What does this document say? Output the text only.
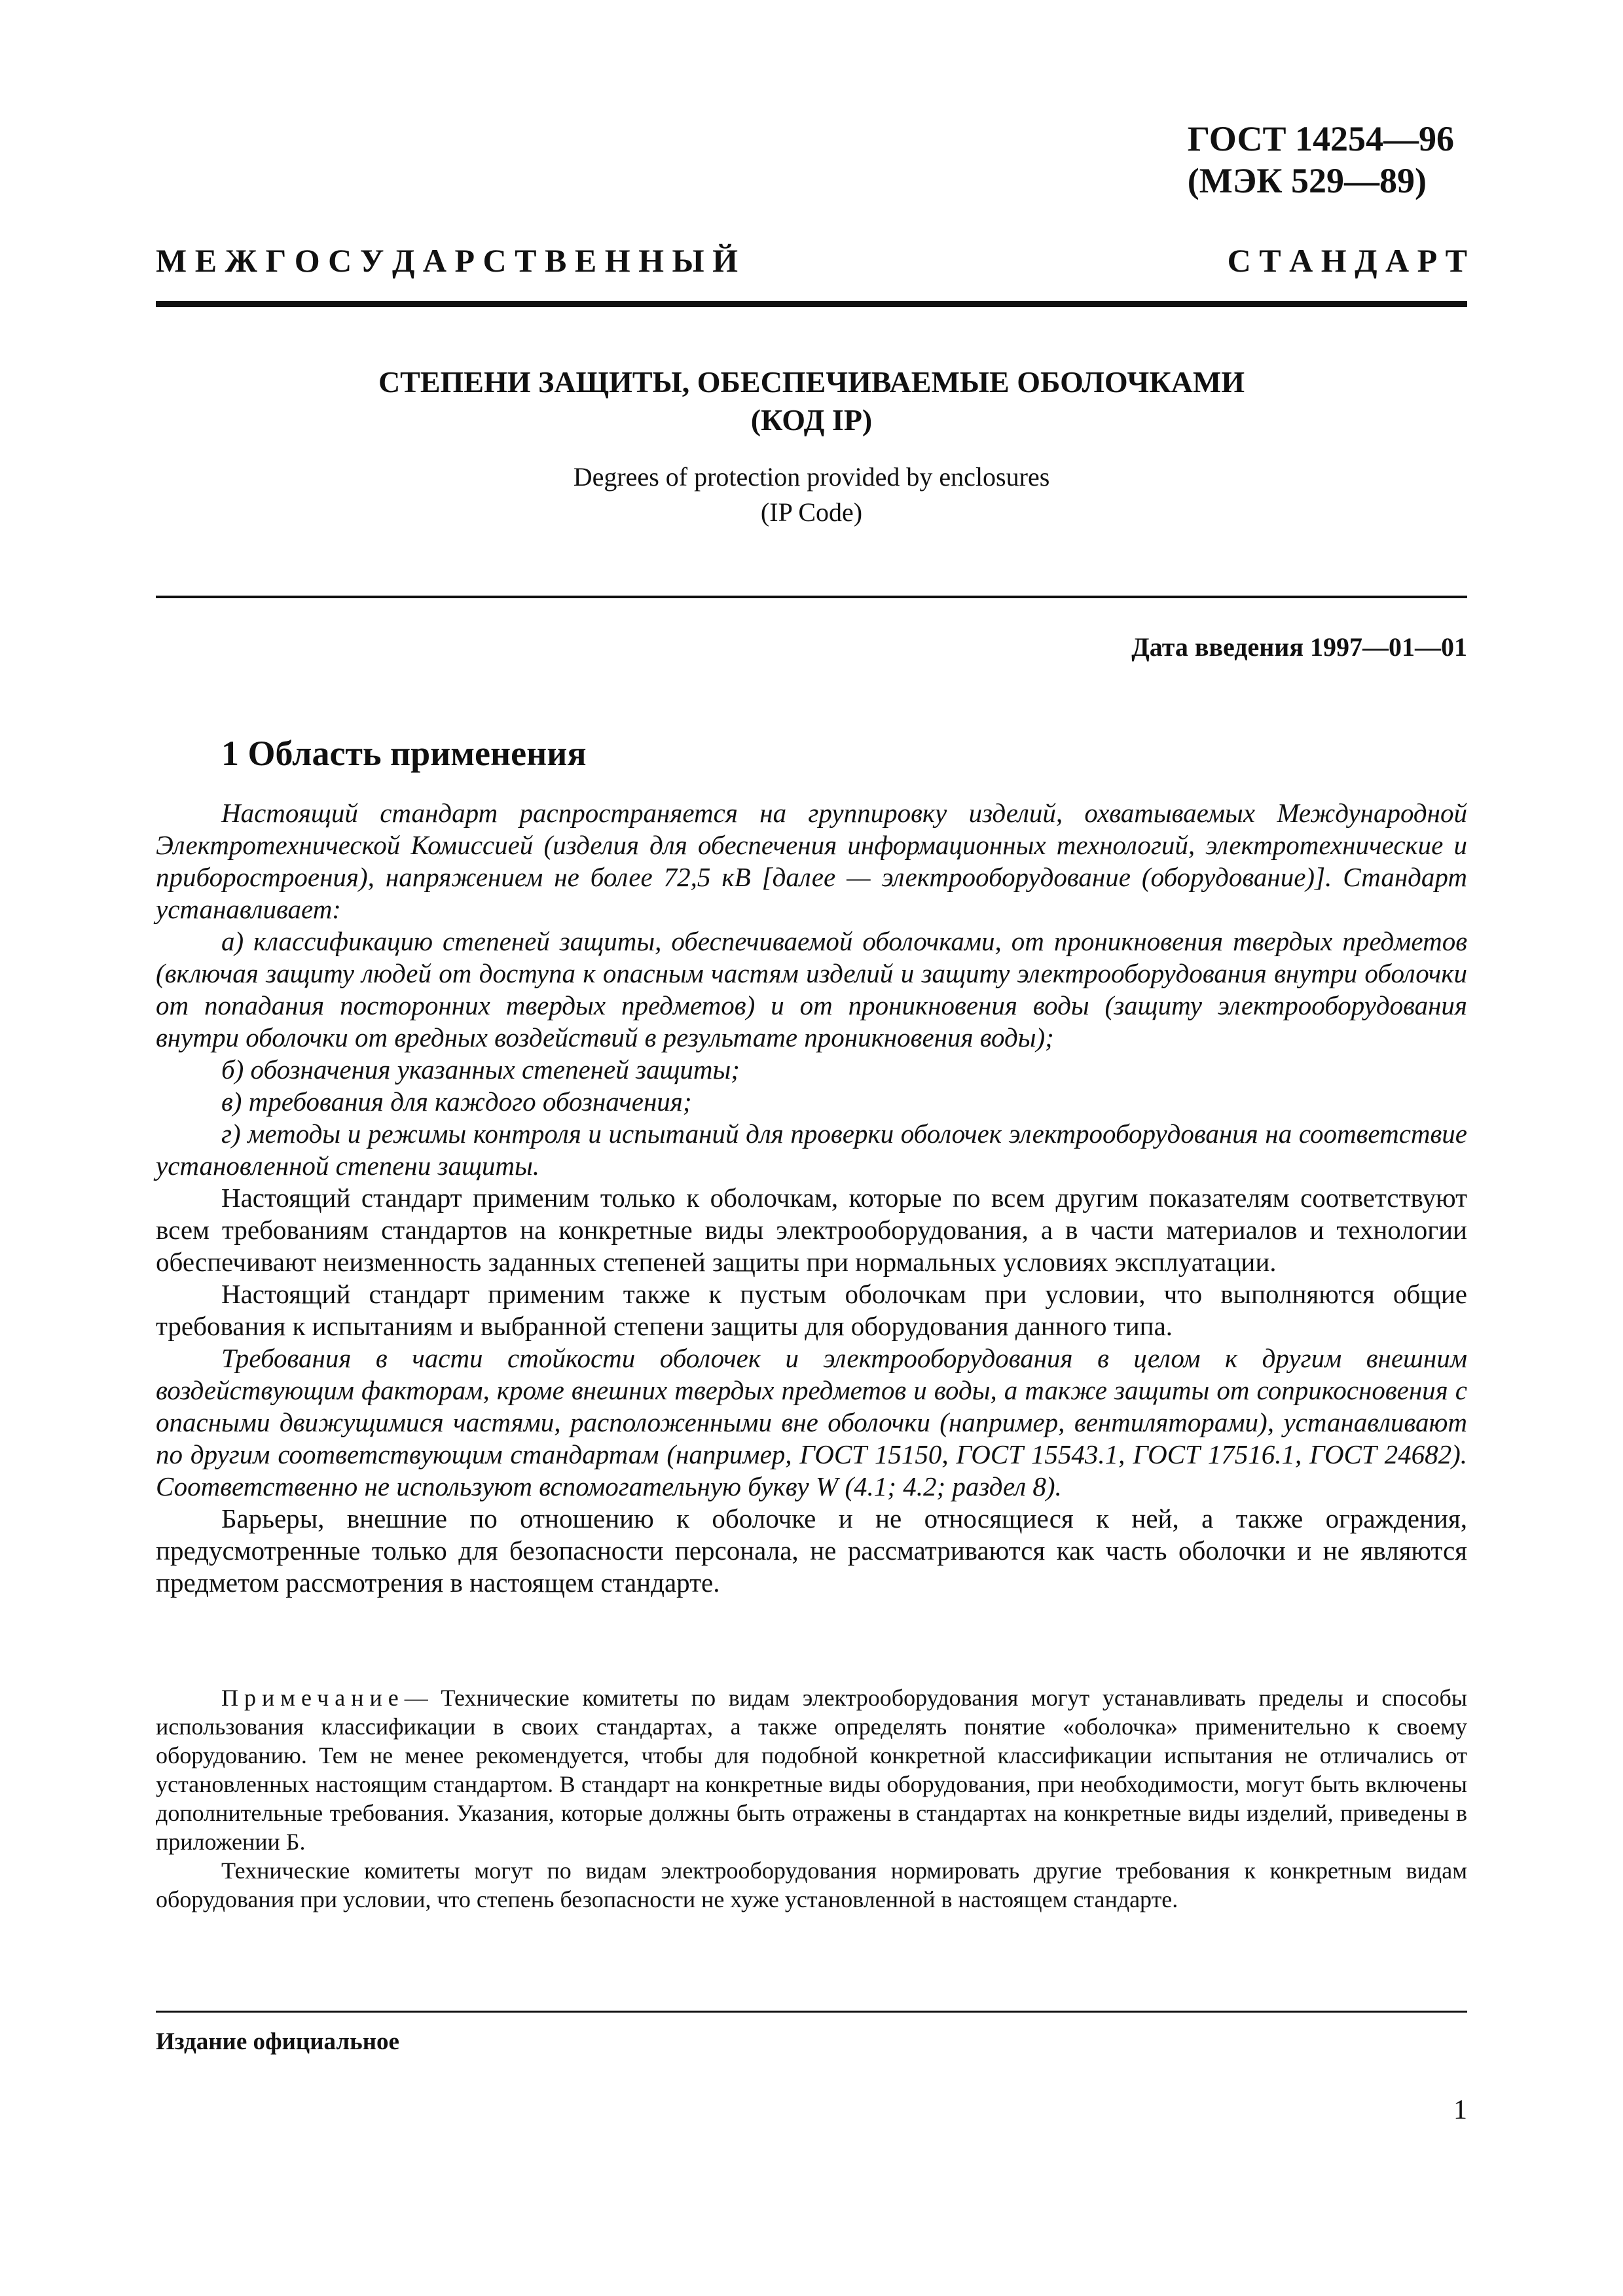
ГОСТ 14254—96
(МЭК 529—89)
М Е Ж Г О С У Д А Р С Т В Е Н Н Ы Й	С Т А Н Д А Р Т
СТЕПЕНИ ЗАЩИТЫ, ОБЕСПЕЧИВАЕМЫЕ ОБОЛОЧКАМИ
(КОД IP)
Degrees of protection provided by enclosures
(IP Code)
Дата введения 1997—01—01
1 Область применения

Настоящий стандарт распространяется на группировку изделий, охватываемых Международной Электротехнической Комиссией (изделия для обеспечения информационных технологий, электротехнические и приборостроения), напряжением не более 72,5 кВ [далее — электрооборудование (оборудование)]. Стандарт устанавливает:

а) классификацию степеней защиты, обеспечиваемой оболочками, от проникновения твердых предметов (включая защиту людей от доступа к опасным частям изделий и защиту электрооборудования внутри оболочки от попадания посторонних твердых предметов) и от проникновения воды (защиту электрооборудования внутри оболочки от вредных воздействий в результате проникновения воды);

б) обозначения указанных степеней защиты;

в) требования для каждого обозначения;

г) методы и режимы контроля и испытаний для проверки оболочек электрооборудования на соответствие установленной степени защиты.

Настоящий стандарт применим только к оболочкам, которые по всем другим показателям соответствуют всем требованиям стандартов на конкретные виды электрооборудования, а в части материалов и технологии обеспечивают неизменность заданных степеней защиты при нормальных условиях эксплуатации.

Настоящий стандарт применим также к пустым оболочкам при условии, что выполняются общие требования к испытаниям и выбранной степени защиты для оборудования данного типа.

Требования в части стойкости оболочек и электрооборудования в целом к другим внешним воздействующим факторам, кроме внешних твердых предметов и воды, а также защиты от соприкосновения с опасными движущимися частями, расположенными вне оболочки (например, вентиляторами), устанавливают по другим соответствующим стандартам (например, ГОСТ 15150, ГОСТ 15543.1, ГОСТ 17516.1, ГОСТ 24682). Соответственно не используют вспомогательную букву W (4.1; 4.2; раздел 8).

Барьеры, внешние по отношению к оболочке и не относящиеся к ней, а также ограждения, предусмотренные только для безопасности персонала, не рассматриваются как часть оболочки и не являются предметом рассмотрения в настоящем стандарте.

Примечание— Технические комитеты по видам электрооборудования могут устанавливать пределы и способы использования классификации в своих стандартах, а также определять понятие «оболочка» применительно к своему оборудованию. Тем не менее рекомендуется, чтобы для подобной конкретной классификации испытания не отличались от установленных настоящим стандартом. В стандарт на конкретные виды оборудования, при необходимости, могут быть включены дополнительные требования. Указания, которые должны быть отражены в стандартах на конкретные виды изделий, приведены в приложении Б.

Технические комитеты могут по видам электрооборудования нормировать другие требования к конкретным видам оборудования при условии, что степень безопасности не хуже установленной в настоящем стандарте.

Издание официальное
1
